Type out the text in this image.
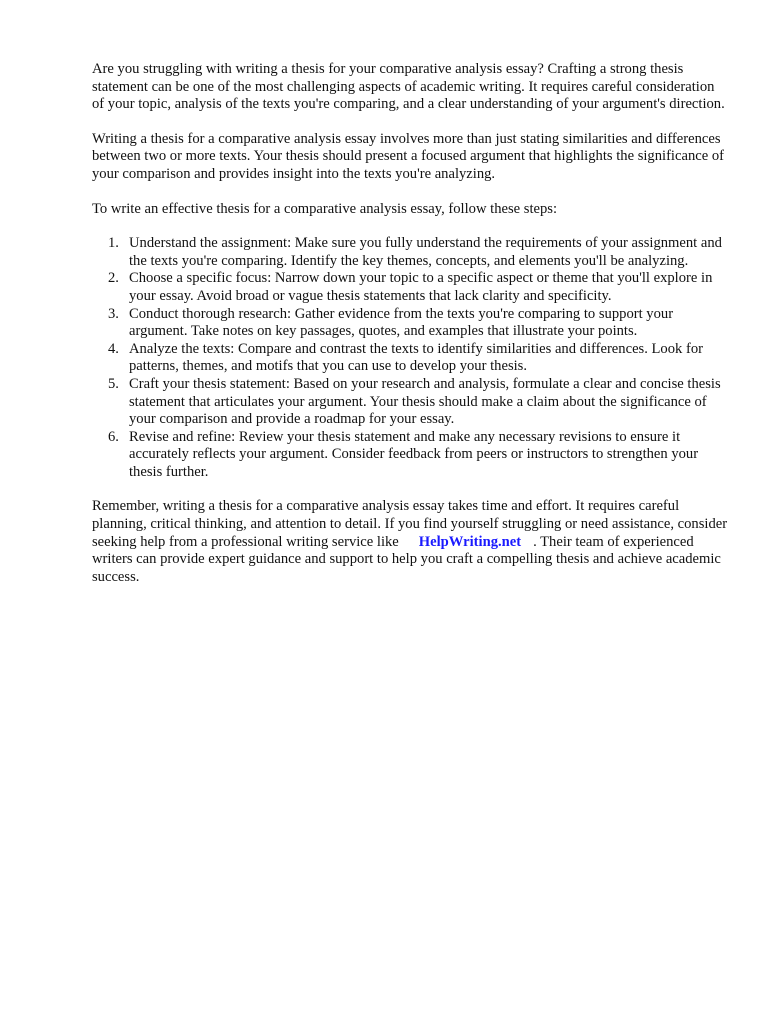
Are you struggling with writing a thesis for your comparative analysis essay? Crafting a strong thesis statement can be one of the most challenging aspects of academic writing. It requires careful consideration of your topic, analysis of the texts you're comparing, and a clear understanding of your argument's direction.

Writing a thesis for a comparative analysis essay involves more than just stating similarities and differences between two or more texts. Your thesis should present a focused argument that highlights the significance of your comparison and provides insight into the texts you're analyzing.

To write an effective thesis for a comparative analysis essay, follow these steps:

1. Understand the assignment: Make sure you fully understand the requirements of your assignment and the texts you're comparing. Identify the key themes, concepts, and elements you'll be analyzing.
2. Choose a specific focus: Narrow down your topic to a specific aspect or theme that you'll explore in your essay. Avoid broad or vague thesis statements that lack clarity and specificity.
3. Conduct thorough research: Gather evidence from the texts you're comparing to support your argument. Take notes on key passages, quotes, and examples that illustrate your points.
4. Analyze the texts: Compare and contrast the texts to identify similarities and differences. Look for patterns, themes, and motifs that you can use to develop your thesis.
5. Craft your thesis statement: Based on your research and analysis, formulate a clear and concise thesis statement that articulates your argument. Your thesis should make a claim about the significance of your comparison and provide a roadmap for your essay.
6. Revise and refine: Review your thesis statement and make any necessary revisions to ensure it accurately reflects your argument. Consider feedback from peers or instructors to strengthen your thesis further.

Remember, writing a thesis for a comparative analysis essay takes time and effort. It requires careful planning, critical thinking, and attention to detail. If you find yourself struggling or need assistance, consider seeking help from a professional writing service like HelpWriting.net . Their team of experienced writers can provide expert guidance and support to help you craft a compelling thesis and achieve academic success.
